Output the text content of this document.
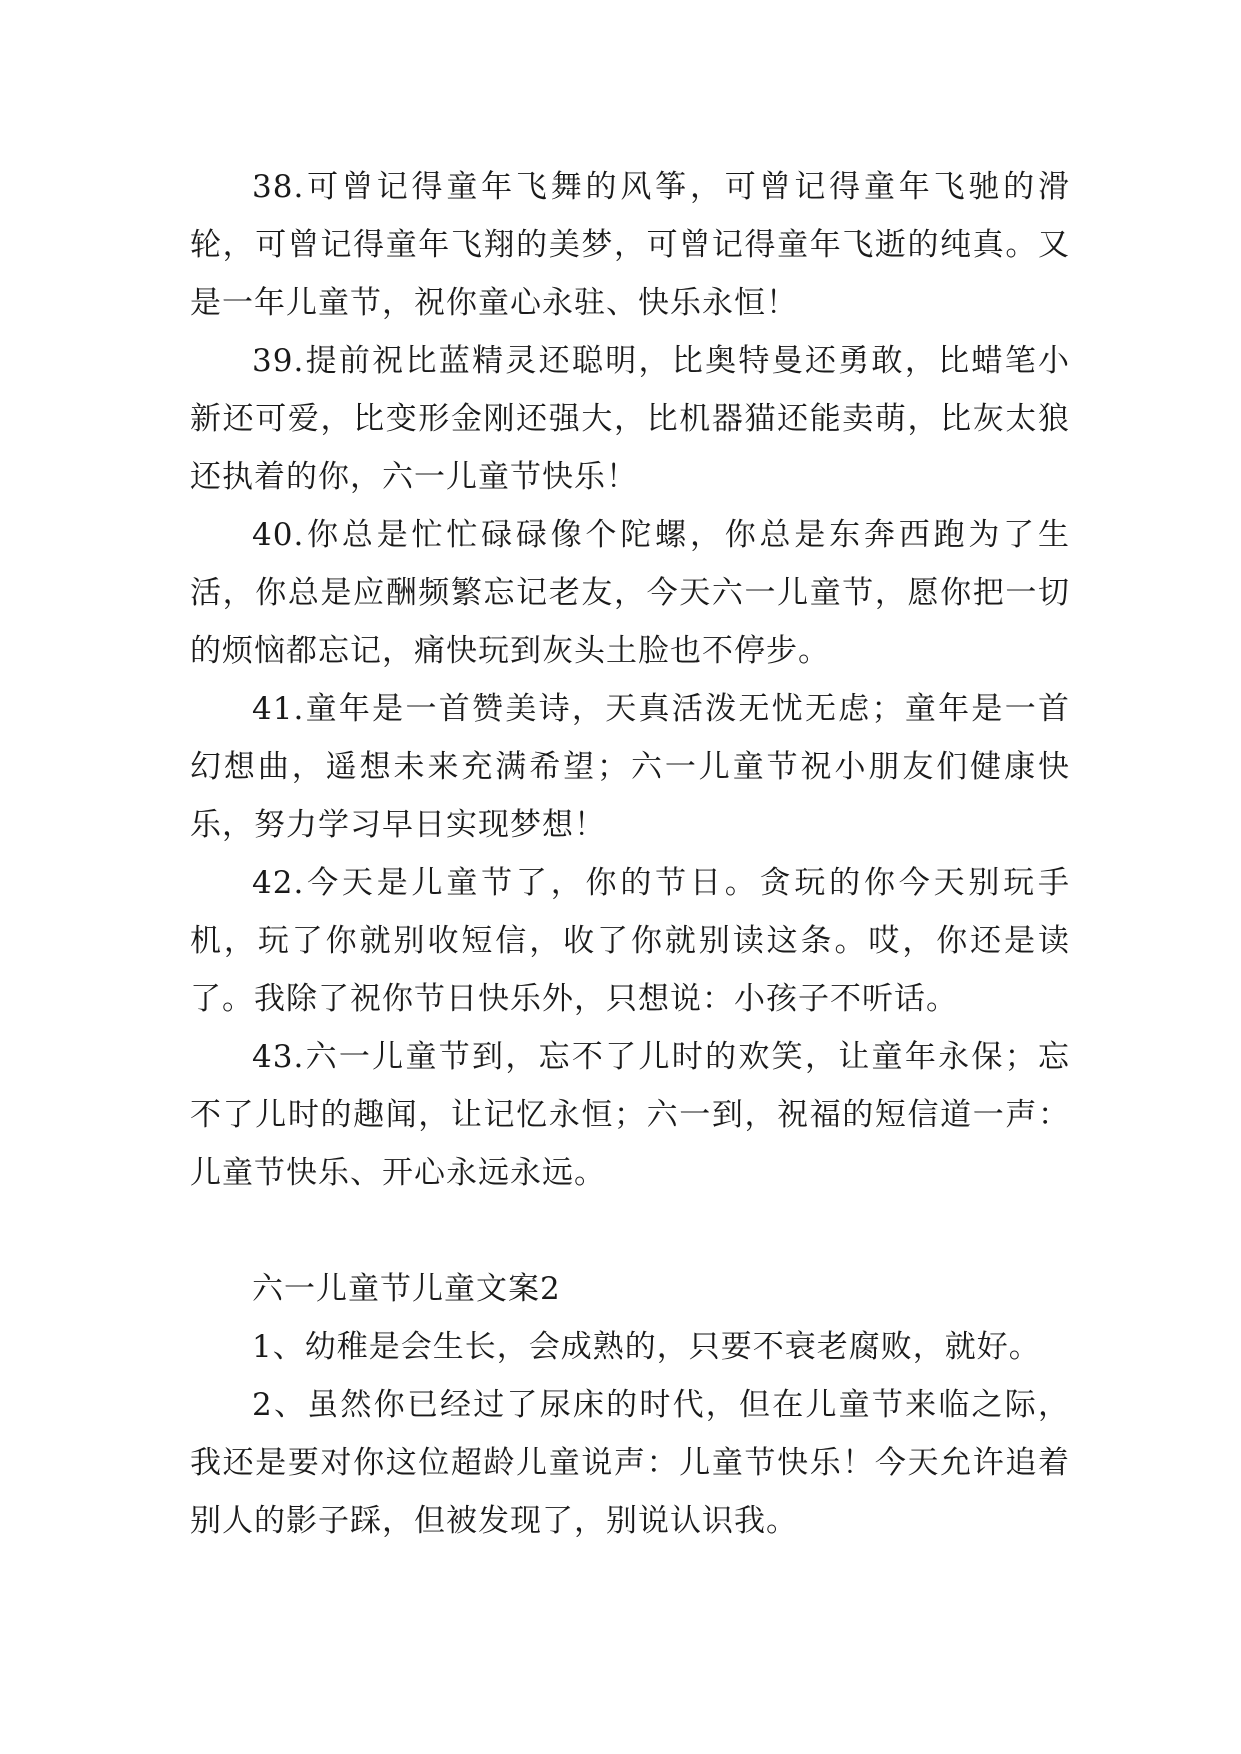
38.可曾记得童年飞舞的风筝，可曾记得童年飞驰的滑轮，可曾记得童年飞翔的美梦，可曾记得童年飞逝的纯真。又是一年儿童节，祝你童心永驻、快乐永恒！

39.提前祝比蓝精灵还聪明，比奥特曼还勇敢，比蜡笔小新还可爱，比变形金刚还强大，比机器猫还能卖萌，比灰太狼还执着的你，六一儿童节快乐！

40.你总是忙忙碌碌像个陀螺，你总是东奔西跑为了生活，你总是应酬频繁忘记老友，今天六一儿童节，愿你把一切的烦恼都忘记，痛快玩到灰头土脸也不停步。

41.童年是一首赞美诗，天真活泼无忧无虑；童年是一首幻想曲，遥想未来充满希望；六一儿童节祝小朋友们健康快乐，努力学习早日实现梦想！

42.今天是儿童节了，你的节日。贪玩的你今天别玩手机，玩了你就别收短信，收了你就别读这条。哎，你还是读了。我除了祝你节日快乐外，只想说：小孩子不听话。

43.六一儿童节到，忘不了儿时的欢笑，让童年永保；忘不了儿时的趣闻，让记忆永恒；六一到，祝福的短信道一声：儿童节快乐、开心永远永远。

六一儿童节儿童文案2

1、幼稚是会生长，会成熟的，只要不衰老腐败，就好。

2、虽然你已经过了尿床的时代，但在儿童节来临之际，我还是要对你这位超龄儿童说声：儿童节快乐！今天允许追着别人的影子踩，但被发现了，别说认识我。
